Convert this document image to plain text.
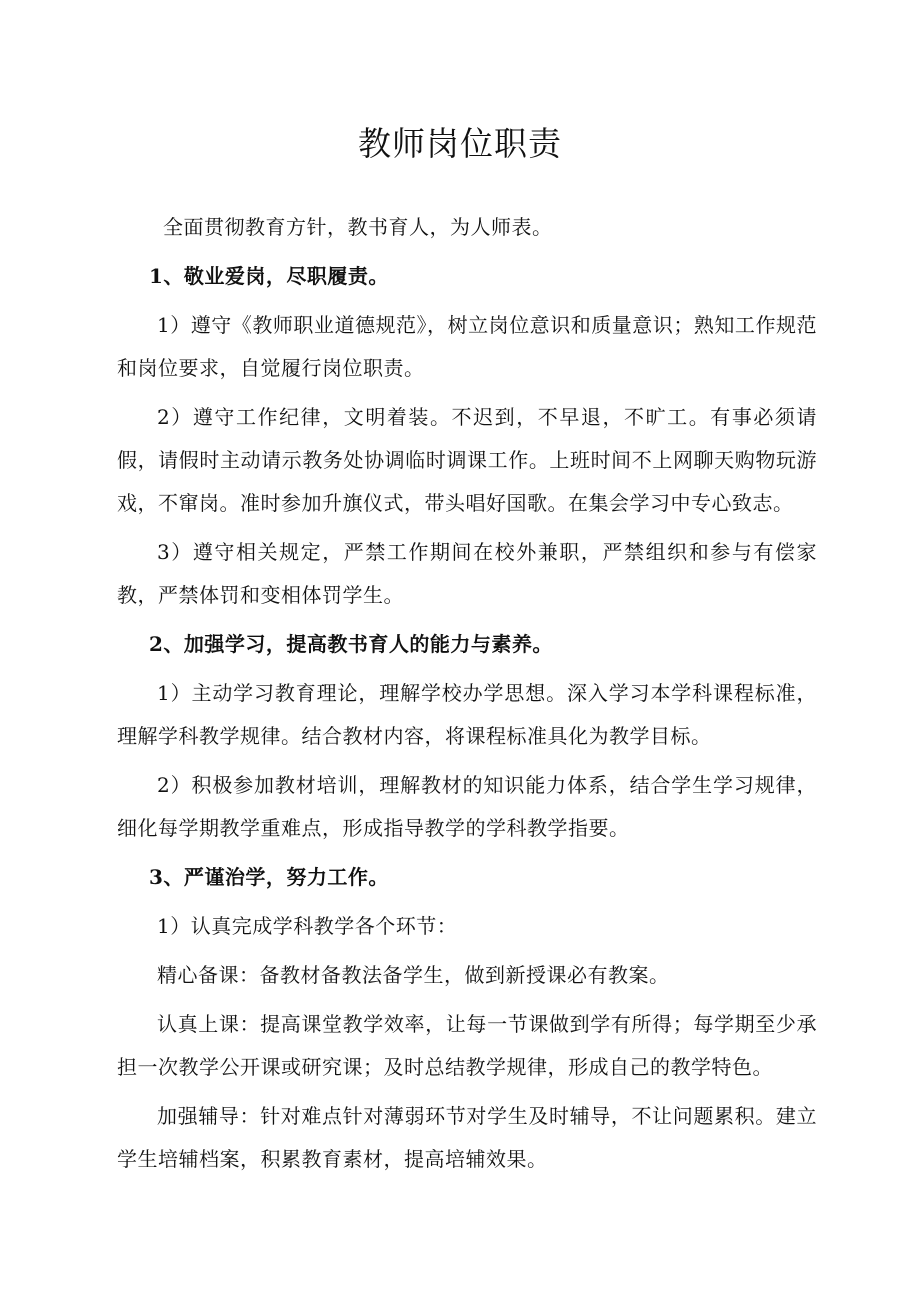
教师岗位职责

全面贯彻教育方针，教书育人，为人师表。

1、敬业爱岗，尽职履责。

1）遵守《教师职业道德规范》，树立岗位意识和质量意识；熟知工作规范和岗位要求，自觉履行岗位职责。

2）遵守工作纪律，文明着装。不迟到，不早退，不旷工。有事必须请假，请假时主动请示教务处协调临时调课工作。上班时间不上网聊天购物玩游戏，不窜岗。准时参加升旗仪式，带头唱好国歌。在集会学习中专心致志。

3）遵守相关规定，严禁工作期间在校外兼职，严禁组织和参与有偿家教，严禁体罚和变相体罚学生。

2、加强学习，提高教书育人的能力与素养。

1）主动学习教育理论，理解学校办学思想。深入学习本学科课程标准，理解学科教学规律。结合教材内容，将课程标准具化为教学目标。

2）积极参加教材培训，理解教材的知识能力体系，结合学生学习规律，细化每学期教学重难点，形成指导教学的学科教学指要。

3、严谨治学，努力工作。

1）认真完成学科教学各个环节：

精心备课：备教材备教法备学生，做到新授课必有教案。

认真上课：提高课堂教学效率，让每一节课做到学有所得；每学期至少承担一次教学公开课或研究课；及时总结教学规律，形成自己的教学特色。

加强辅导：针对难点针对薄弱环节对学生及时辅导，不让问题累积。建立学生培辅档案，积累教育素材，提高培辅效果。
